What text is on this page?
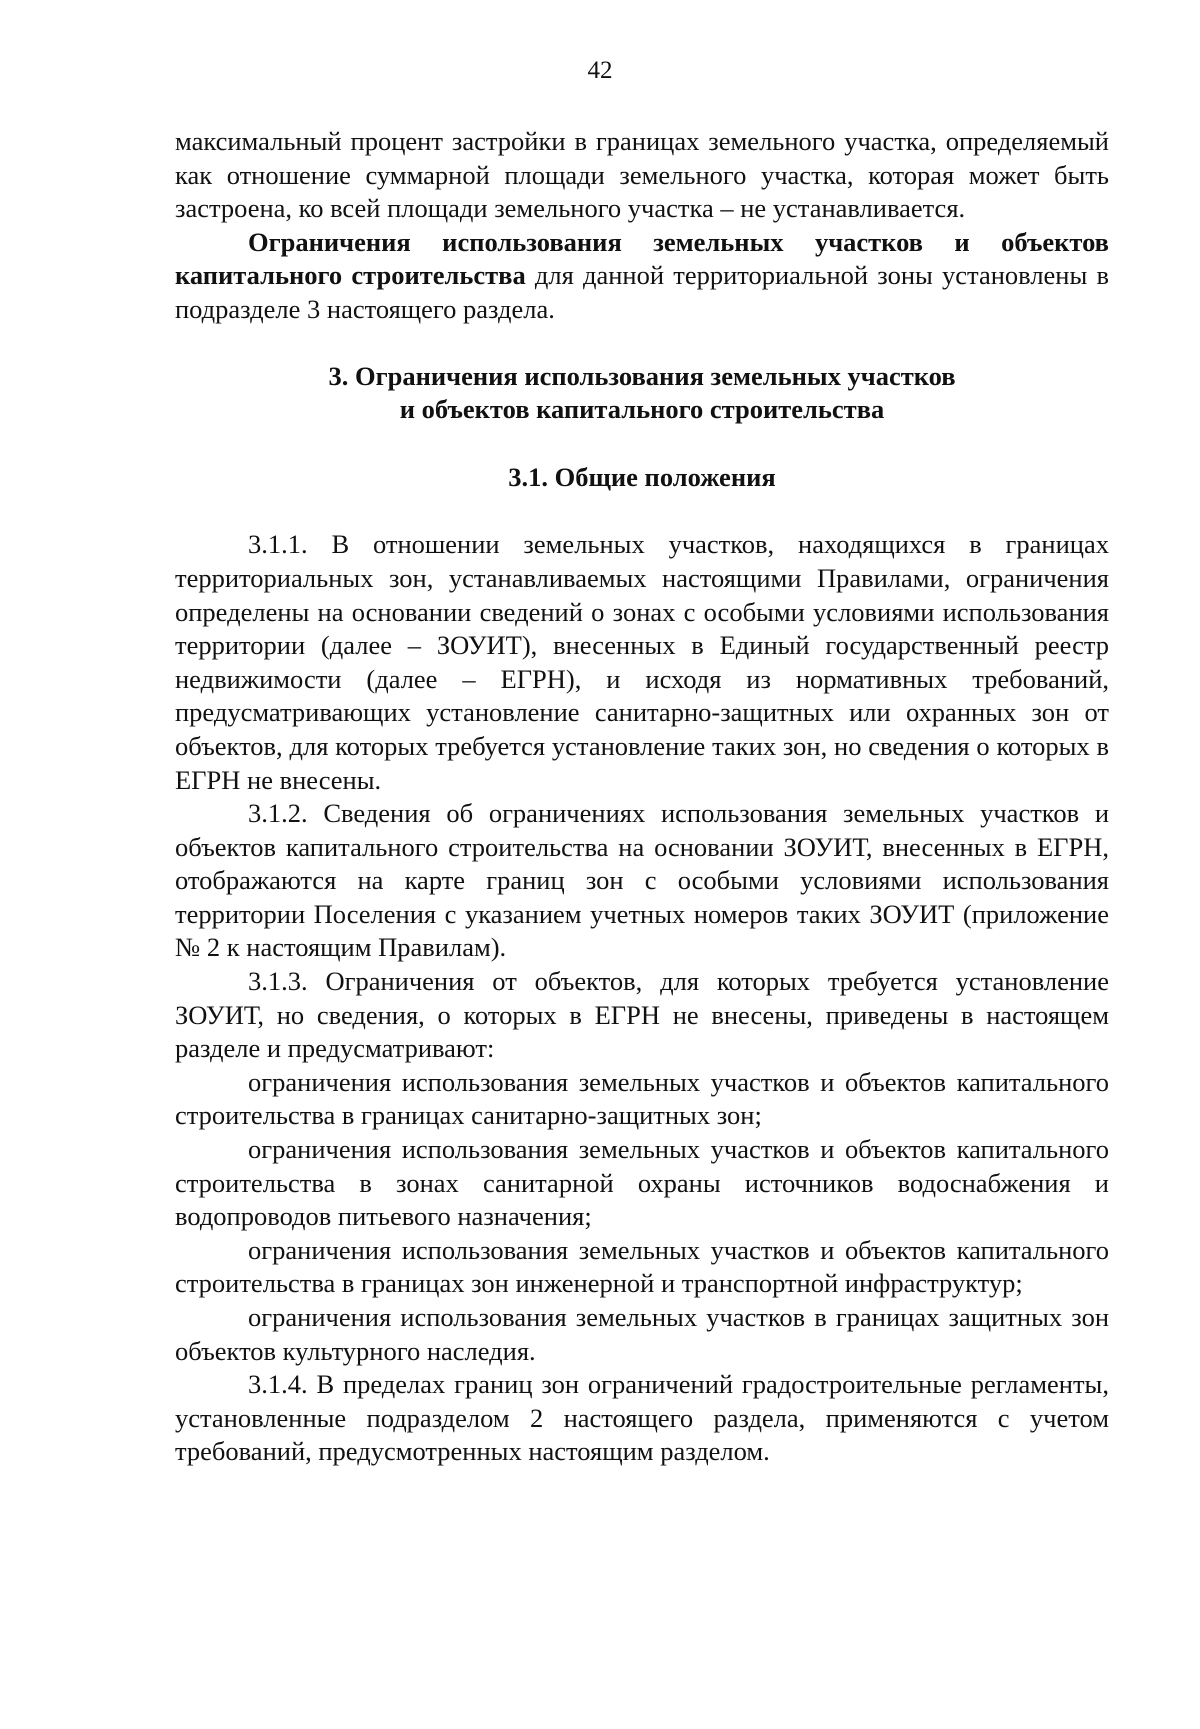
42

максимальный процент застройки в границах земельного участка, определяемый как отношение суммарной площади земельного участка, которая может быть застроена, ко всей площади земельного участка – не устанавливается.

Ограничения использования земельных участков и объектов капитального строительства для данной территориальной зоны установлены в подразделе 3 настоящего раздела.

3. Ограничения использования земельных участков

и объектов капитального строительства

3.1. Общие положения

3.1.1. В отношении земельных участков, находящихся в границах территориальных зон, устанавливаемых настоящими Правилами, ограничения определены на основании сведений о зонах с особыми условиями использования территории (далее – ЗОУИТ), внесенных в Единый государственный реестр недвижимости (далее – ЕГРН), и исходя из нормативных требований, предусматривающих установление санитарно-защитных или охранных зон от объектов, для которых требуется установление таких зон, но сведения о которых в ЕГРН не внесены.

3.1.2. Сведения об ограничениях использования земельных участков и объектов капитального строительства на основании ЗОУИТ, внесенных в ЕГРН, отображаются на карте границ зон с особыми условиями использования территории Поселения с указанием учетных номеров таких ЗОУИТ (приложение № 2 к настоящим Правилам).

3.1.3. Ограничения от объектов, для которых требуется установление ЗОУИТ, но сведения, о которых в ЕГРН не внесены, приведены в настоящем разделе и предусматривают:

ограничения использования земельных участков и объектов капитального строительства в границах санитарно-защитных зон;

ограничения использования земельных участков и объектов капитального строительства в зонах санитарной охраны источников водоснабжения и водопроводов питьевого назначения;

ограничения использования земельных участков и объектов капитального строительства в границах зон инженерной и транспортной инфраструктур;

ограничения использования земельных участков в границах защитных зон объектов культурного наследия.

3.1.4. В пределах границ зон ограничений градостроительные регламенты, установленные подразделом 2 настоящего раздела, применяются с учетом требований, предусмотренных настоящим разделом.
